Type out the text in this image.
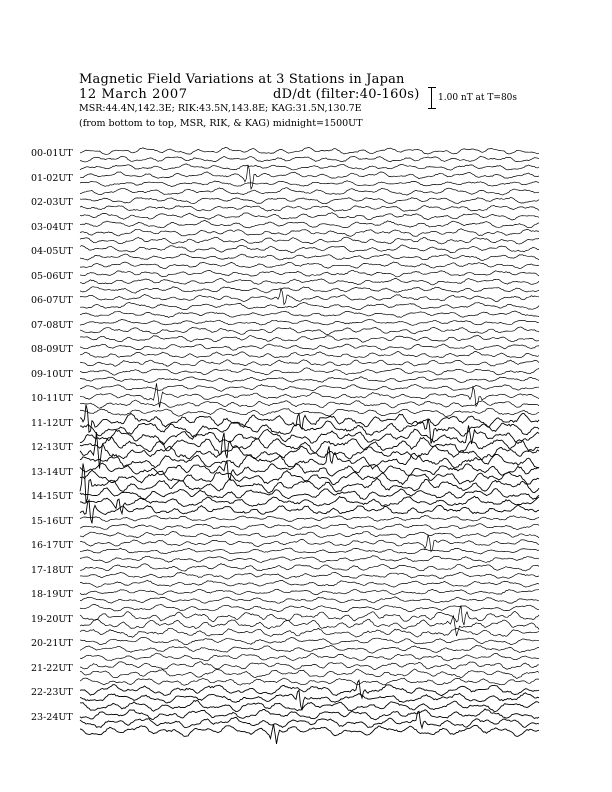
Magnetic Field Variations at 3 Stations in Japan
12 March 2007	dD/dt (filter:40-160s)
MSR:44.4N,142.3E; RIK:43.5N,143.8E; KAG:31.5N,130.7E
(from bottom to top, MSR, RIK, & KAG) midnight=1500UT
1.00 nT at T=80s
00-01UT
01-02UT
02-03UT
03-04UT
04-05UT
05-06UT
06-07UT
07-08UT
08-09UT
09-10UT
10-11UT
11-12UT
12-13UT
13-14UT
14-15UT
15-16UT
16-17UT
17-18UT
18-19UT
19-20UT
20-21UT
21-22UT
22-23UT
23-24UT
